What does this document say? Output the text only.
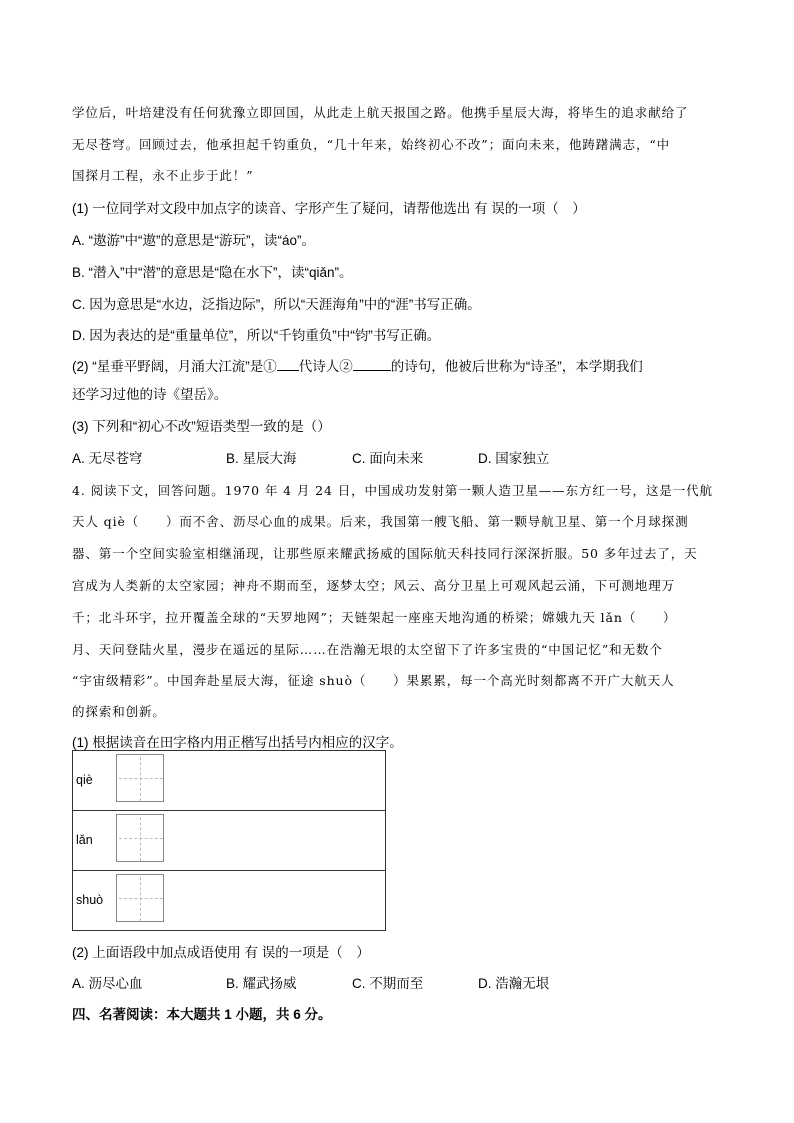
学位后，叶培建没有任何犹豫立即回国，从此走上航天报国之路。他携手星辰大海，将毕生的追求献给了
无尽苍穹。回顾过去，他承担起千钧重负，“几十年来，始终初心不改”；面向未来，他踌躇满志，“中
国探月工程，永不止步于此！”
(1) 一位同学对文段中加点字的读音、字形产生了疑问，请帮他选出 有 误的一项（　）
A. “遨游”中“遨”的意思是“游玩”，读“áo”。
B. “潜入”中“潜”的意思是“隐在水下”，读“qiǎn”。
C. 因为意思是“水边，泛指边际”，所以“天涯海角”中的“涯”书写正确。
D. 因为表达的是“重量单位”，所以“千钧重负”中“钧”书写正确。
(2) “星垂平野阔，月涌大江流”是① 代诗人②	的诗句，他被后世称为“诗圣”，本学期我们
还学习过他的诗《望岳》。
(3) 下列和“初心不改”短语类型一致的是（）
A. 无尽苍穹	B. 星辰大海	C. 面向未来	D. 国家独立
4. 阅读下文，回答问题。1970 年 4 月 24 日，中国成功发射第一颗人造卫星——东方红一号，这是一代航
天人 qiè（　　）而不舍、沥尽心血的成果。后来，我国第一艘飞船、第一颗导航卫星、第一个月球探测
器、第一个空间实验室相继涌现，让那些原来耀武扬威的国际航天科技同行深深折服。50 多年过去了，天
宫成为人类新的太空家园；神舟不期而至，逐梦太空；风云、高分卫星上可观风起云涌，下可测地理万
千；北斗环宇，拉开覆盖全球的“天罗地网”；天链架起一座座天地沟通的桥梁；嫦娥九天 lǎn（　　）
月、天问登陆火星，漫步在遥远的星际……在浩瀚无垠的太空留下了许多宝贵的“中国记忆”和无数个
“宇宙级精彩”。中国奔赴星辰大海，征途 shuò（　　）果累累，每一个高光时刻都离不开广大航天人
的探索和创新。
(1) 根据读音在田字格内用正楷写出括号内相应的汉字。
qiè

lǎn

shuò
(2) 上面语段中加点成语使用 有 误的一项是（　）
A. 沥尽心血	B. 耀武扬威	C. 不期而至	D. 浩瀚无垠
四、名著阅读：本大题共 1 小题，共 6 分。
